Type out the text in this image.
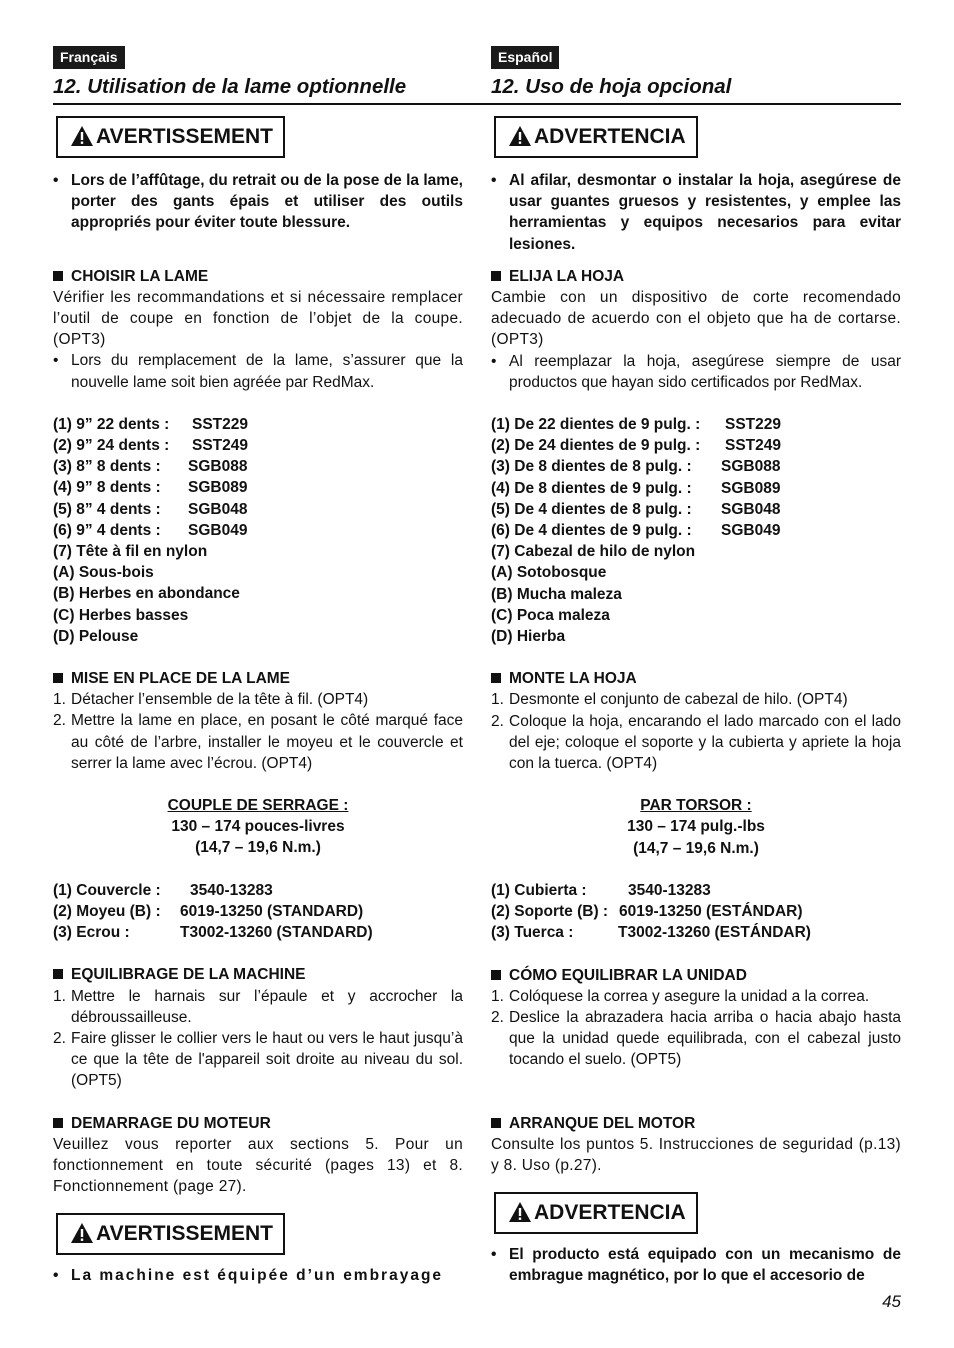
Français
12. Utilisation de la lame optionnelle
AVERTISSEMENT

• Lors de l’affûtage, du retrait ou de la pose de la lame, porter des gants épais et utiliser des outils appropriés pour éviter toute blessure.

CHOISIR LA LAME

Vérifier les recommandations et si nécessaire remplacer l’outil de coupe en fonction de l’objet de la coupe. (OPT3)

• Lors du remplacement de la lame, s’assurer que la nouvelle lame soit bien agréée par RedMax.

(1) 9” 22 dents : SST229

(2) 9” 24 dents : SST249

(3) 8” 8 dents : SGB088

(4) 9” 8 dents : SGB089

(5) 8” 4 dents : SGB048

(6) 9” 4 dents : SGB049

(7) Tête à fil en nylon

(A) Sous-bois

(B) Herbes en abondance

(C) Herbes basses

(D) Pelouse

MISE EN PLACE DE LA LAME

1. Détacher l’ensemble de la tête à fil. (OPT4)

2. Mettre la lame en place, en posant le côté marqué face au côté de l’arbre, installer le moyeu et le couvercle et serrer la lame avec l’écrou. (OPT4)

COUPLE DE SERRAGE :
130 – 174 pouces-livres
(14,7 – 19,6 N.m.)

(1) Couvercle : 3540-13283

(2) Moyeu (B) : 6019-13250 (STANDARD)

(3) Ecrou :	T3002-13260 (STANDARD)

EQUILIBRAGE DE LA MACHINE

1. Mettre le harnais sur l’épaule et y accrocher la débroussailleuse.

2. Faire glisser le collier vers le haut ou vers le haut jusqu’à ce que la tête de l'appareil soit droite au niveau du sol. (OPT5)

DEMARRAGE DU MOTEUR

Veuillez vous reporter aux sections 5. Pour un fonctionnement en toute sécurité (pages 13) et 8. Fonctionnement (page 27).

AVERTISSEMENT

• La machine est équipée d’un embrayage

Español
12. Uso de hoja opcional
ADVERTENCIA

• Al afilar, desmontar o instalar la hoja, asegúrese de usar guantes gruesos y resistentes, y emplee las herramientas y equipos necesarios para evitar lesiones.

ELIJA LA HOJA

Cambie con un dispositivo de corte recomendado adecuado de acuerdo con el objeto que ha de cortarse. (OPT3)

• Al reemplazar la hoja, asegúrese siempre de usar productos que hayan sido certificados por RedMax.

(1) De 22 dientes de 9 pulg. : SST229

(2) De 24 dientes de 9 pulg. : SST249

(3) De 8 dientes de 8 pulg. : SGB088

(4) De 8 dientes de 9 pulg. : SGB089

(5) De 4 dientes de 8 pulg. : SGB048

(6) De 4 dientes de 9 pulg. : SGB049

(7) Cabezal de hilo de nylon

(A) Sotobosque

(B) Mucha maleza

(C) Poca maleza

(D) Hierba

MONTE LA HOJA

1. Desmonte el conjunto de cabezal de hilo. (OPT4)

2. Coloque la hoja, encarando el lado marcado con el lado del eje; coloque el soporte y la cubierta y apriete la hoja con la tuerca. (OPT4)

PAR TORSOR :
130 – 174 pulg.-lbs
(14,7 – 19,6 N.m.)

(1) Cubierta :	3540-13283

(2) Soporte (B) : 6019-13250 (ESTÁNDAR)

(3) Tuerca :	T3002-13260 (ESTÁNDAR)

CÓMO EQUILIBRAR LA UNIDAD

1. Colóquese la correa y asegure la unidad a la correa.

2. Deslice la abrazadera hacia arriba o hacia abajo hasta que la unidad quede equilibrada, con el cabezal justo tocando el suelo. (OPT5)

ARRANQUE DEL MOTOR

Consulte los puntos 5. Instrucciones de seguridad (p.13) y 8. Uso (p.27).

ADVERTENCIA

• El producto está equipado con un mecanismo de embrague magnético, por lo que el accesorio de

45
